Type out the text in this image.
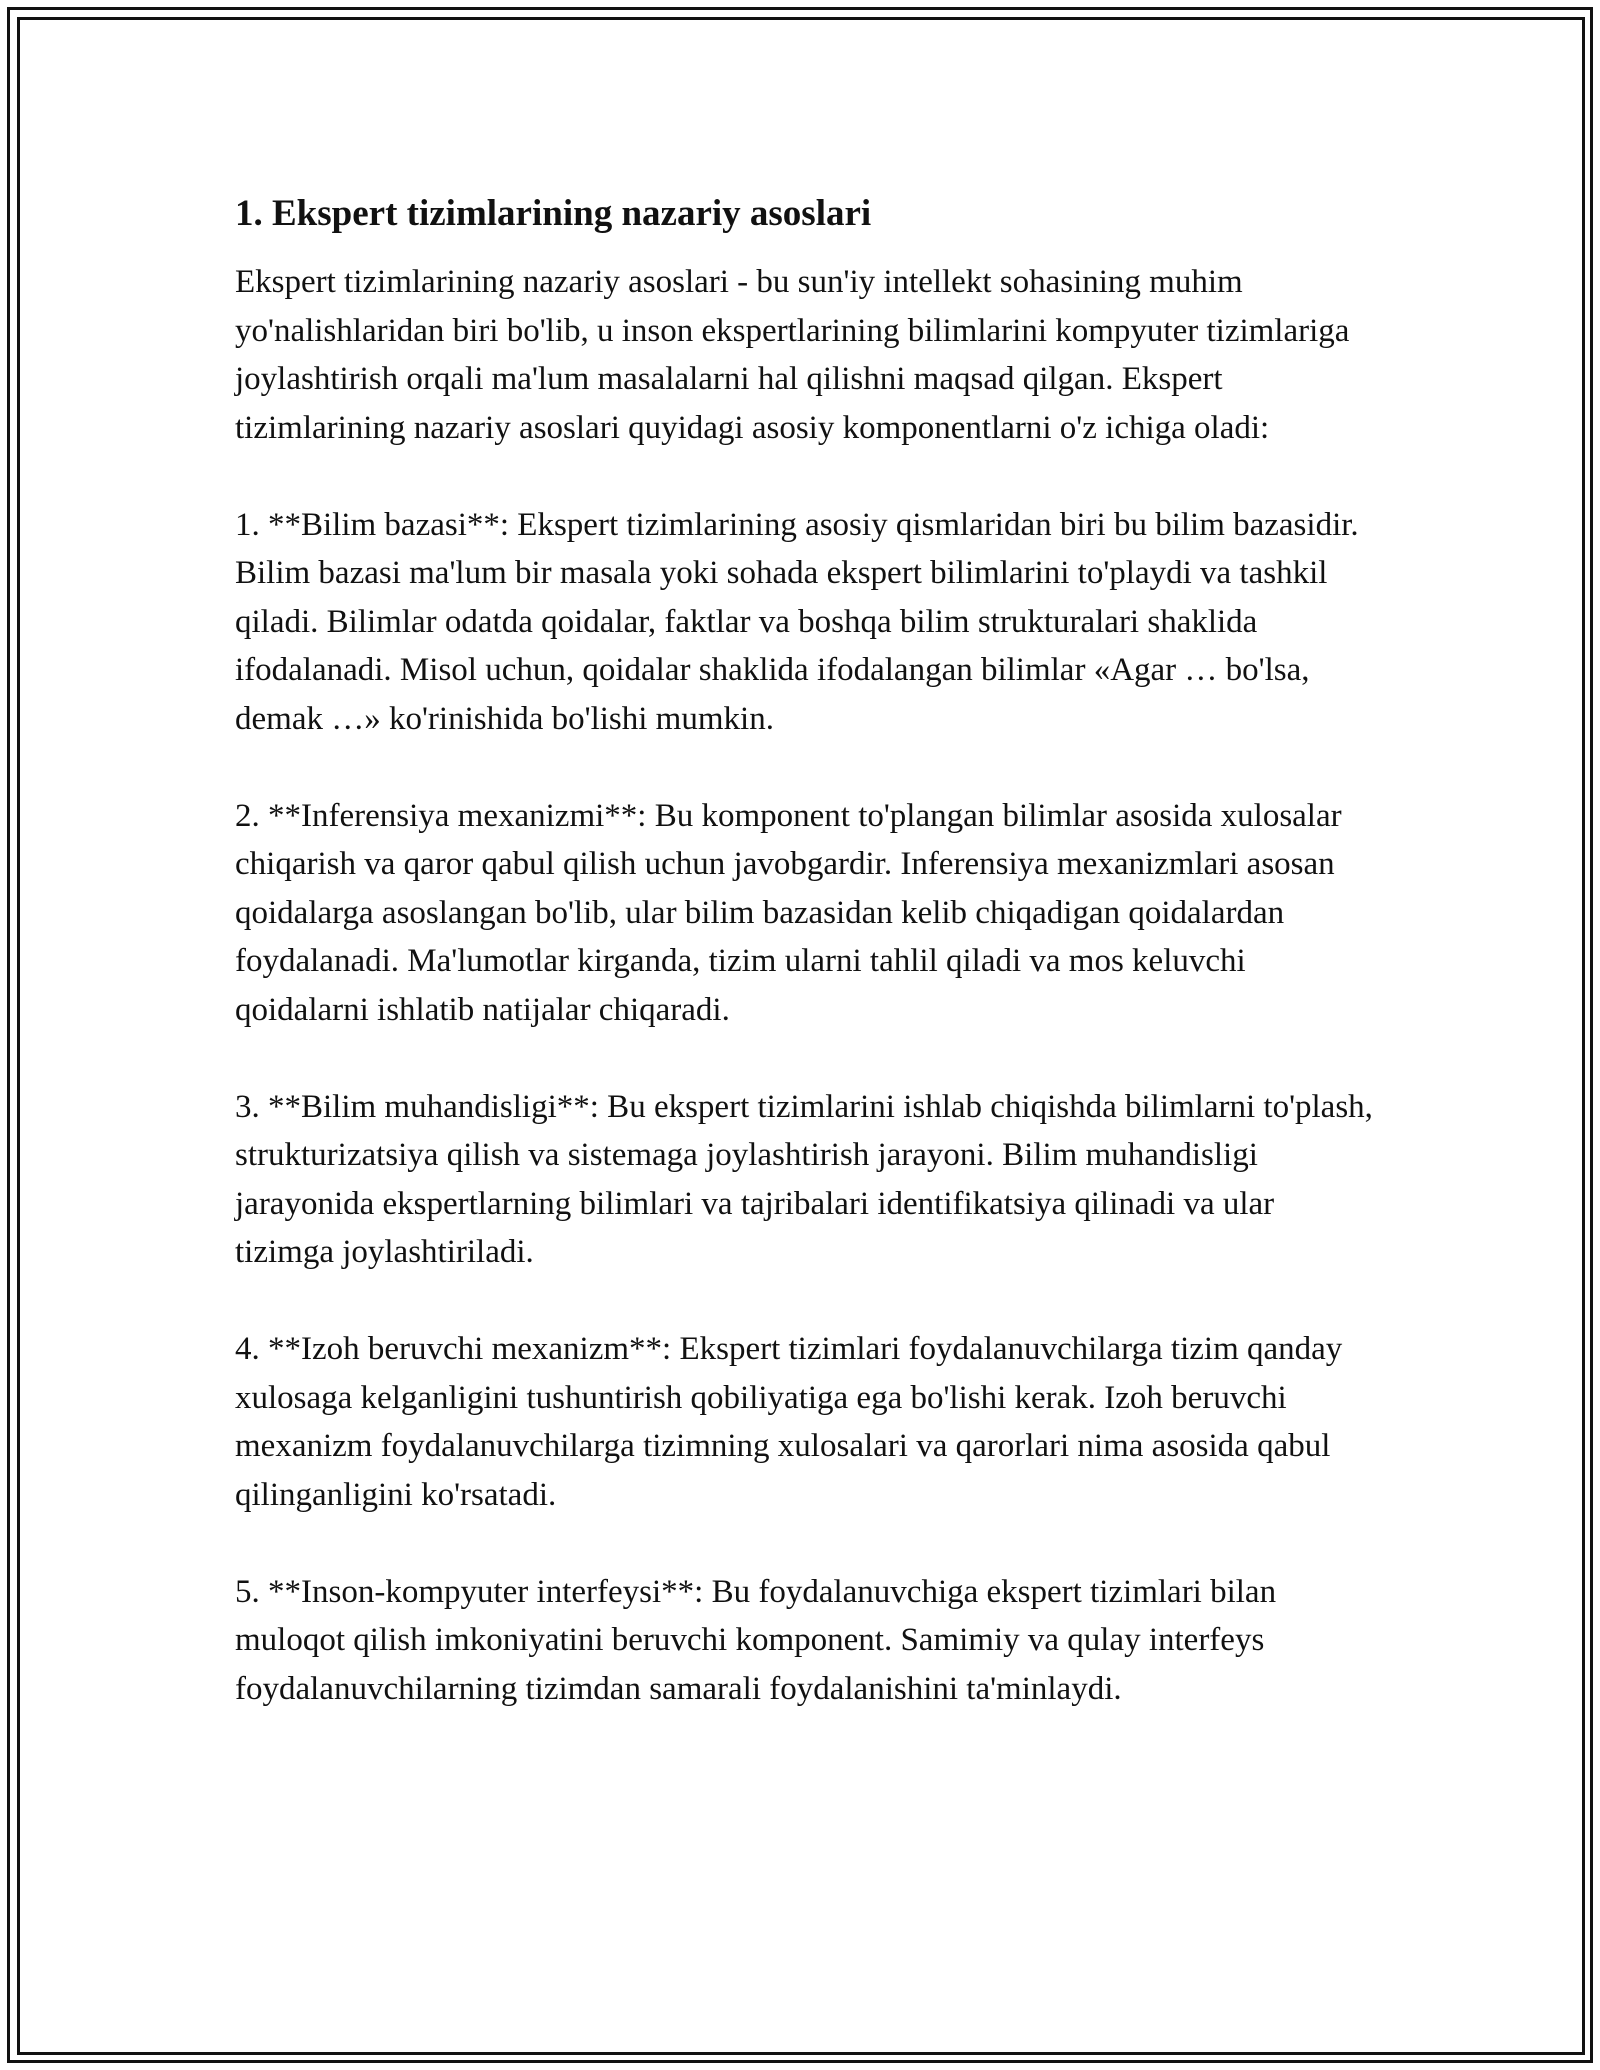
1. Ekspert tizimlarining nazariy asoslari

Ekspert tizimlarining nazariy asoslari - bu sun'iy intellekt sohasining muhim yo'nalishlaridan biri bo'lib, u inson ekspertlarining bilimlarini kompyuter tizimlariga joylashtirish orqali ma'lum masalalarni hal qilishni maqsad qilgan. Ekspert tizimlarining nazariy asoslari quyidagi asosiy komponentlarni o'z ichiga oladi:

1. **Bilim bazasi**: Ekspert tizimlarining asosiy qismlaridan biri bu bilim bazasidir. Bilim bazasi ma'lum bir masala yoki sohada ekspert bilimlarini to'playdi va tashkil qiladi. Bilimlar odatda qoidalar, faktlar va boshqa bilim strukturalari shaklida ifodalanadi. Misol uchun, qoidalar shaklida ifodalangan bilimlar «Agar … bo'lsa, demak …» ko'rinishida bo'lishi mumkin.

2. **Inferensiya mexanizmi**: Bu komponent to'plangan bilimlar asosida xulosalar chiqarish va qaror qabul qilish uchun javobgardir. Inferensiya mexanizmlari asosan qoidalarga asoslangan bo'lib, ular bilim bazasidan kelib chiqadigan qoidalardan foydalanadi. Ma'lumotlar kirganda, tizim ularni tahlil qiladi va mos keluvchi qoidalarni ishlatib natijalar chiqaradi.

3. **Bilim muhandisligi**: Bu ekspert tizimlarini ishlab chiqishda bilimlarni to'plash, strukturizatsiya qilish va sistemaga joylashtirish jarayoni. Bilim muhandisligi jarayonida ekspertlarning bilimlari va tajribalari identifikatsiya qilinadi va ular tizimga joylashtiriladi.

4. **Izoh beruvchi mexanizm**: Ekspert tizimlari foydalanuvchilarga tizim qanday xulosaga kelganligini tushuntirish qobiliyatiga ega bo'lishi kerak. Izoh beruvchi mexanizm foydalanuvchilarga tizimning xulosalari va qarorlari nima asosida qabul qilinganligini ko'rsatadi.

5. **Inson-kompyuter interfeysi**: Bu foydalanuvchiga ekspert tizimlari bilan muloqot qilish imkoniyatini beruvchi komponent. Samimiy va qulay interfeys foydalanuvchilarning tizimdan samarali foydalanishini ta'minlaydi.
